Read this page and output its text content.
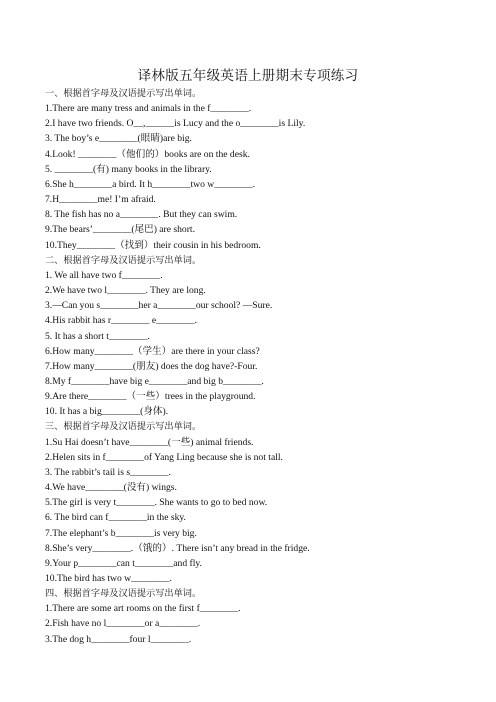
译林版五年级英语上册期末专项练习
一、根据首字母及汉语提示写出单词。
1.There are many tress and animals in the f________.
2.I have two friends. O__,______is Lucy and the o________is Lily.
3. The boy’s e________(眼睛)are big.
4.Look! ________（他们的）books are on the desk.
5. ________(有) many books in the library.
6.She h________a bird. It h________two w________.
7.H________me! I’m afraid.
8. The fish has no a________. But they can swim.
9.The bears’________(尾巴) are short.
10.They________（找到）their cousin in his bedroom.
二、根据首字母及汉语提示写出单词。
1. We all have two f________.
2.We have two l________. They are long.
3.—Can you s________her a________our school? —Sure.
4.His rabbit has r________ e________.
5. It has a short t________.
6.How many________（学生）are there in your class?
7.How many________(朋友) does the dog have?-Four.
8.My f________have big e________and big b________.
9.Are there________（一些）trees in the playground.
10. It has a big________(身体).
三、根据首字母及汉语提示写出单词。
1.Su Hai doesn’t have________(一些) animal friends.
2.Helen sits in f________of Yang Ling because she is not tall.
3. The rabbit’s tail is s________.
4.We have________(没有) wings.
5.The girl is very t________. She wants to go to bed now.
6. The bird can f________in the sky.
7.The elephant’s b________is very big.
8.She’s very________.（饿的）. There isn’t any bread in the fridge.
9.Your p________can t________and fly.
10.The bird has two w________.
四、根据首字母及汉语提示写出单词。
1.There are some art rooms on the first f________.
2.Fish have no l________or a________.
3.The dog h________four l________.
